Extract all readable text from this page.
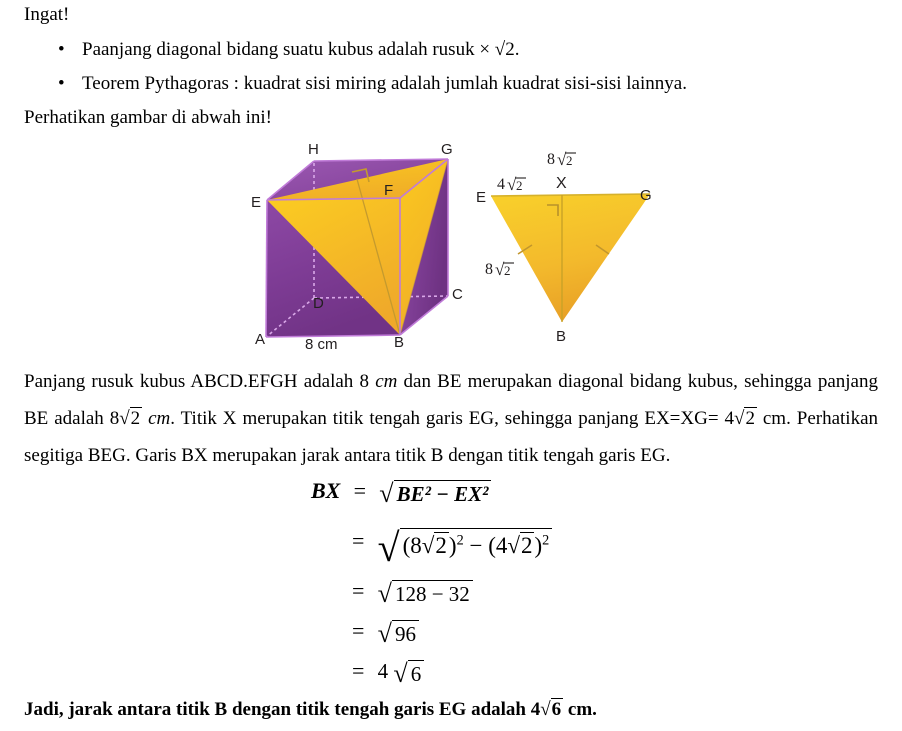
Ingat!
• Paanjang diagonal bidang suatu kubus adalah rusuk × √2.
• Teorem Pythagoras : kuadrat sisi miring adalah jumlah kuadrat sisi-sisi lainnya.
Perhatikan gambar di abwah ini!
A	B
C
D
E
F
G
H
8 cm
E
X
G
B
8 √ 2
4 √ 2
8 √ 2
Panjang rusuk kubus ABCD.EFGH adalah 8 cm dan BE merupakan diagonal bidang kubus, sehingga panjang BE adalah 8√2 cm. Titik X merupakan titik tengah garis EG, sehingga panjang EX=XG= 4√2 cm. Perhatikan segitiga BEG. Garis BX merupakan jarak antara titik B dengan titik tengah garis EG.
BX = √ BE² − EX²
= √ $(8√2)^2 - (4√2)^2$
= √ 128 − 32
= √ 96
= 4 √ 6
Jadi, jarak antara titik B dengan titik tengah garis EG adalah 4√6 cm.
